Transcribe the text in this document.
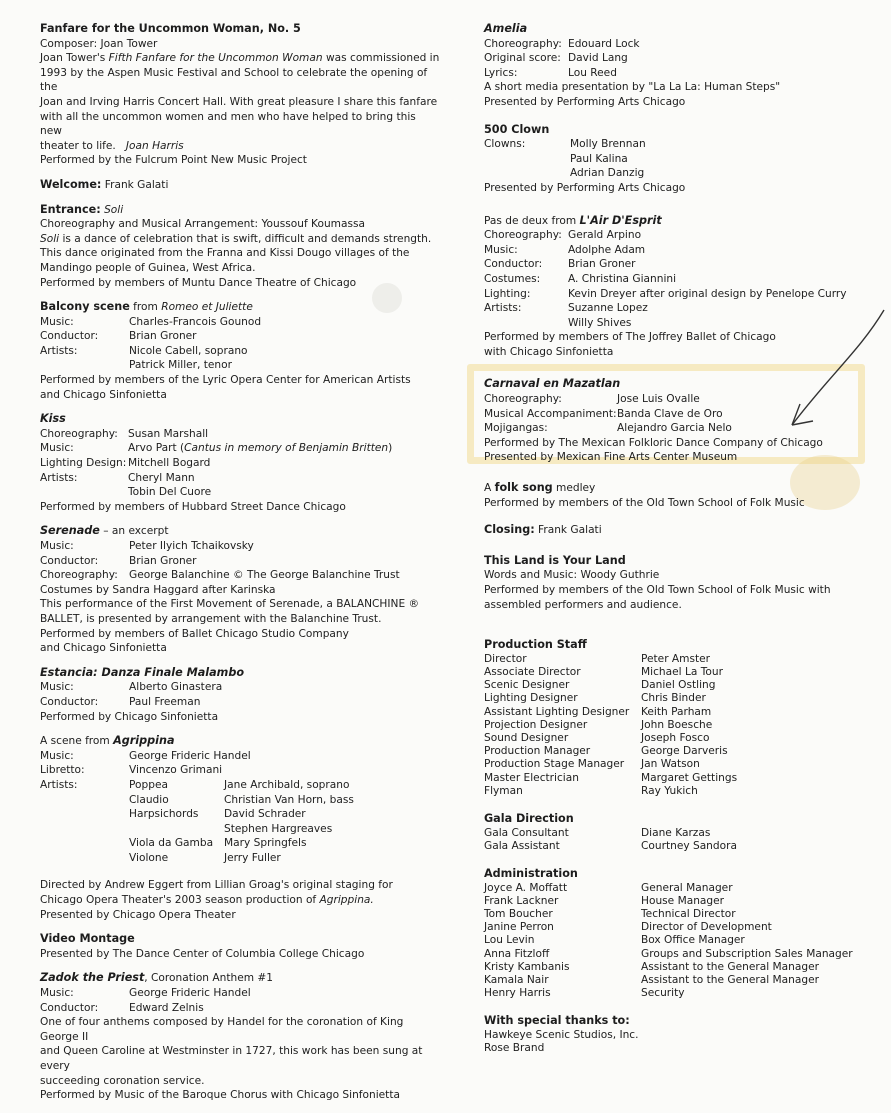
Fanfare for the Uncommon Woman, No. 5
Composer: Joan Tower
Joan Tower's Fifth Fanfare for the Uncommon Woman was commissioned in
1993 by the Aspen Music Festival and School to celebrate the opening of the
Joan and Irving Harris Concert Hall. With great pleasure I share this fanfare
with all the uncommon women and men who have helped to bring this new
theater to life.   Joan Harris
Performed by the Fulcrum Point New Music Project
Welcome: Frank Galati
Entrance: Soli
Choreography and Musical Arrangement: Youssouf Koumassa
Soli is a dance of celebration that is swift, difficult and demands strength.
This dance originated from the Franna and Kissi Dougo villages of the
Mandingo people of Guinea, West Africa.
Performed by members of Muntu Dance Theatre of Chicago
Balcony scene from Romeo et Juliette
Music:	Charles-Francois Gounod
Conductor:	Brian Groner
Artists:	Nicole Cabell, soprano
Patrick Miller, tenor
Performed by members of the Lyric Opera Center for American Artists
and Chicago Sinfonietta
Kiss
Choreography: Susan Marshall
Music:	Arvo Part (Cantus in memory of Benjamin Britten)
Lighting Design: Mitchell Bogard
Artists:	Cheryl Mann
Tobin Del Cuore
Performed by members of Hubbard Street Dance Chicago
Serenade – an excerpt
Music:	Peter Ilyich Tchaikovsky
Conductor:	Brian Groner
Choreography:	George Balanchine © The George Balanchine Trust
Costumes by Sandra Haggard after Karinska
This performance of the First Movement of Serenade, a BALANCHINE ®
BALLET, is presented by arrangement with the Balanchine Trust.
Performed by members of Ballet Chicago Studio Company
and Chicago Sinfonietta
Estancia: Danza Finale Malambo
Music:	Alberto Ginastera
Conductor:	Paul Freeman
Performed by Chicago Sinfonietta
A scene from Agrippina
Music:	George Frideric Handel
Libretto:	Vincenzo Grimani
Artists:	Poppea	Jane Archibald, soprano
Claudio	Christian Van Horn, bass
Harpsichords	David Schrader
Stephen Hargreaves
Viola da Gamba	Mary Springfels
Violone	Jerry Fuller
Directed by Andrew Eggert from Lillian Groag's original staging for
Chicago Opera Theater's 2003 season production of Agrippina.
Presented by Chicago Opera Theater
Video Montage
Presented by The Dance Center of Columbia College Chicago
Zadok the Priest, Coronation Anthem #1
Music:	George Frideric Handel
Conductor:	Edward Zelnis
One of four anthems composed by Handel for the coronation of King George II
and Queen Caroline at Westminster in 1727, this work has been sung at every
succeeding coronation service.
Performed by Music of the Baroque Chorus with Chicago Sinfonietta
Amelia
Choreography: Edouard Lock
Original score: David Lang
Lyrics:	Lou Reed
A short media presentation by "La La La: Human Steps"
Presented by Performing Arts Chicago
500 Clown
Clowns:	Molly Brennan
Paul Kalina
Adrian Danzig
Presented by Performing Arts Chicago
Pas de deux from L'Air D'Esprit
Choreography: Gerald Arpino
Music:	Adolphe Adam
Conductor:	Brian Groner
Costumes:	A. Christina Giannini
Lighting:	Kevin Dreyer after original design by Penelope Curry
Artists:	Suzanne Lopez
Willy Shives
Performed by members of The Joffrey Ballet of Chicago
with Chicago Sinfonietta
Carnaval en Mazatlan
Choreography:	Jose Luis Ovalle
Musical Accompaniment: Banda Clave de Oro
Mojigangas:	Alejandro Garcia Nelo
Performed by The Mexican Folkloric Dance Company of Chicago
Presented by Mexican Fine Arts Center Museum
A folk song medley
Performed by members of the Old Town School of Folk Music
Closing: Frank Galati
This Land is Your Land
Words and Music: Woody Guthrie
Performed by members of the Old Town School of Folk Music with
assembled performers and audience.
Production Staff
Director	Peter Amster
Associate Director	Michael La Tour
Scenic Designer	Daniel Ostling
Lighting Designer	Chris Binder
Assistant Lighting Designer	Keith Parham
Projection Designer	John Boesche
Sound Designer	Joseph Fosco
Production Manager	George Darveris
Production Stage Manager	Jan Watson
Master Electrician	Margaret Gettings
Flyman	Ray Yukich
Gala Direction
Gala Consultant	Diane Karzas
Gala Assistant	Courtney Sandora
Administration
Joyce A. Moffatt	General Manager
Frank Lackner	House Manager
Tom Boucher	Technical Director
Janine Perron	Director of Development
Lou Levin	Box Office Manager
Anna Fitzloff	Groups and Subscription Sales Manager
Kristy Kambanis	Assistant to the General Manager
Kamala Nair	Assistant to the General Manager
Henry Harris	Security
With special thanks to:
Hawkeye Scenic Studios, Inc.
Rose Brand
